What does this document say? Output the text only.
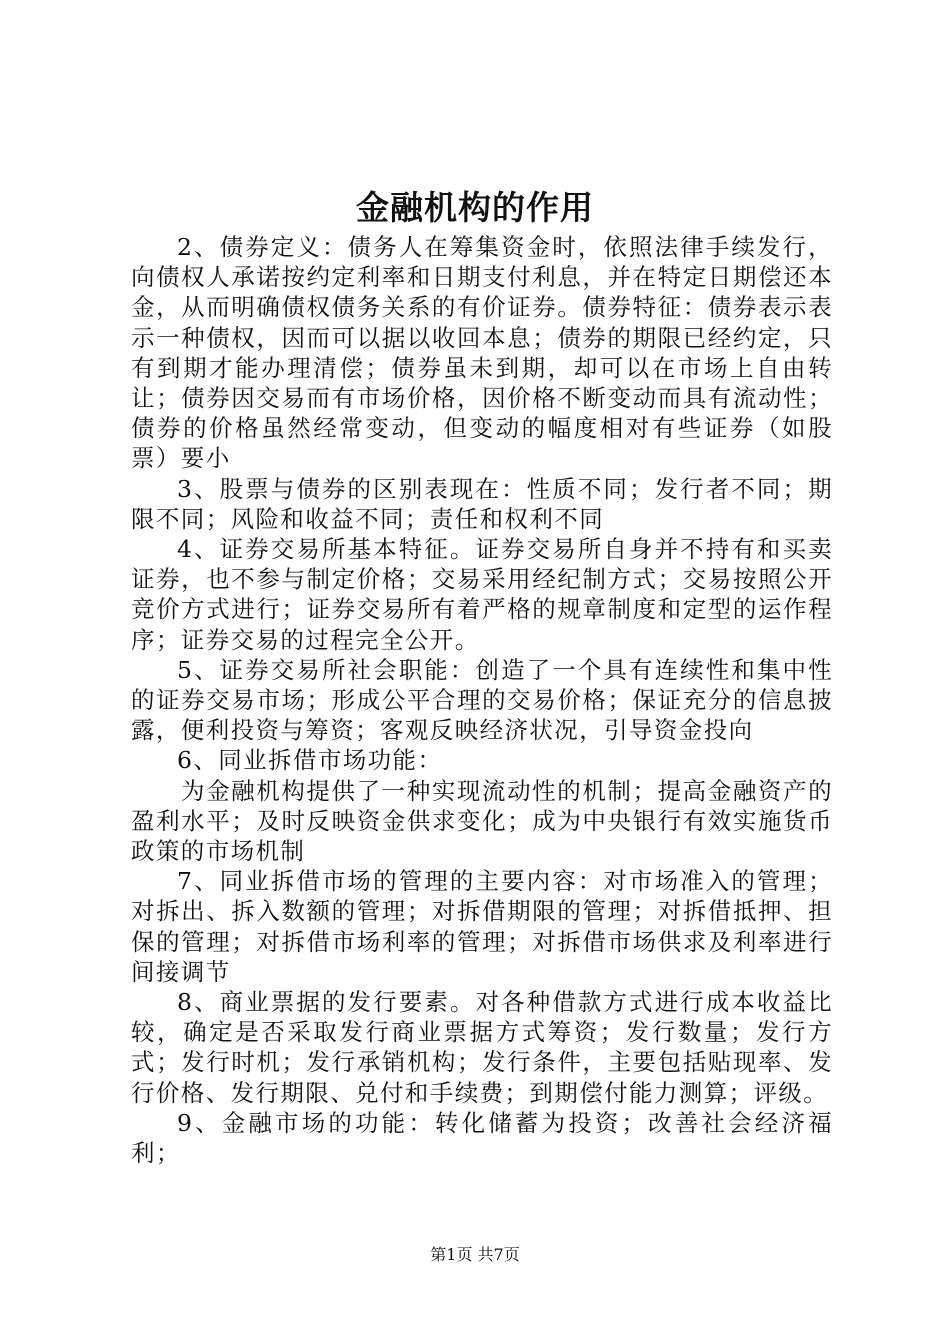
金融机构的作用

2、债券定义：债务人在筹集资金时，依照法律手续发行，向债权人承诺按约定利率和日期支付利息，并在特定日期偿还本金，从而明确债权债务关系的有价证券。债券特征：债券表示表示一种债权，因而可以据以收回本息；债券的期限已经约定，只有到期才能办理清偿；债券虽未到期，却可以在市场上自由转让；债券因交易而有市场价格，因价格不断变动而具有流动性；债券的价格虽然经常变动，但变动的幅度相对有些证券（如股票）要小

3、股票与债券的区别表现在：性质不同；发行者不同；期限不同；风险和收益不同；责任和权利不同

4、证券交易所基本特征。证券交易所自身并不持有和买卖证券，也不参与制定价格；交易采用经纪制方式；交易按照公开竞价方式进行；证券交易所有着严格的规章制度和定型的运作程序；证券交易的过程完全公开。

5、证券交易所社会职能：创造了一个具有连续性和集中性的证券交易市场；形成公平合理的交易价格；保证充分的信息披露，便利投资与筹资；客观反映经济状况，引导资金投向

6、同业拆借市场功能：

为金融机构提供了一种实现流动性的机制；提高金融资产的盈利水平；及时反映资金供求变化；成为中央银行有效实施货币政策的市场机制

7、同业拆借市场的管理的主要内容：对市场准入的管理；对拆出、拆入数额的管理；对拆借期限的管理；对拆借抵押、担保的管理；对拆借市场利率的管理；对拆借市场供求及利率进行间接调节

8、商业票据的发行要素。对各种借款方式进行成本收益比较，确定是否采取发行商业票据方式筹资；发行数量；发行方式；发行时机；发行承销机构；发行条件，主要包括贴现率、发行价格、发行期限、兑付和手续费；到期偿付能力测算；评级。

9、金融市场的功能：转化储蓄为投资；改善社会经济福利；

第1页 共7页
